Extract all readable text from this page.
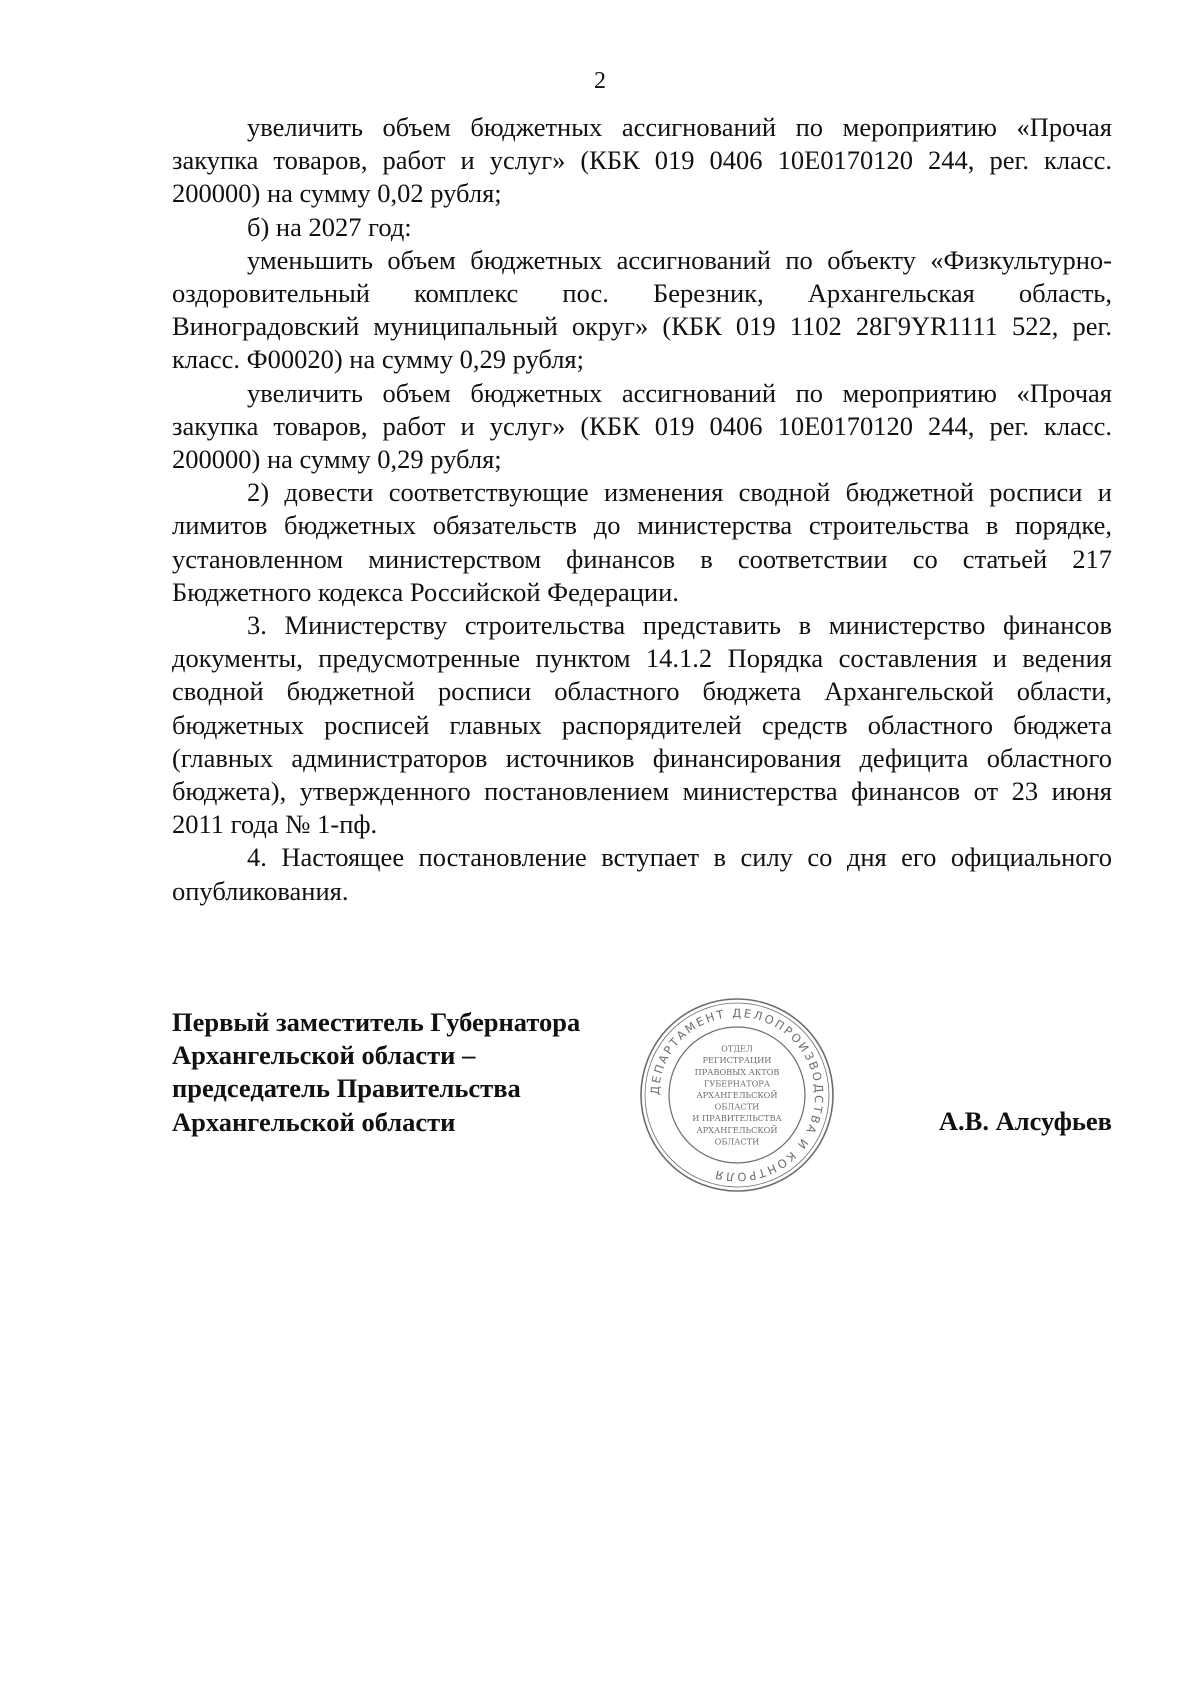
2

увеличить объем бюджетных ассигнований по мероприятию «Прочая закупка товаров, работ и услуг» (КБК 019 0406 10Е0170120 244, рег. класс. 200000) на сумму 0,02 рубля;

б) на 2027 год:

уменьшить объем бюджетных ассигнований по объекту «Физкультурно-оздоровительный комплекс пос. Березник, Архангельская область, Виноградовский муниципальный округ» (КБК 019 1102 28Г9YR1111 522, рег. класс. Ф00020) на сумму 0,29 рубля;

увеличить объем бюджетных ассигнований по мероприятию «Прочая закупка товаров, работ и услуг» (КБК 019 0406 10Е0170120 244, рег. класс. 200000) на сумму 0,29 рубля;

2) довести соответствующие изменения сводной бюджетной росписи и лимитов бюджетных обязательств до министерства строительства в порядке, установленном министерством финансов в соответствии со статьей 217 Бюджетного кодекса Российской Федерации.

3. Министерству строительства представить в министерство финансов документы, предусмотренные пунктом 14.1.2 Порядка составления и ведения сводной бюджетной росписи областного бюджета Архангельской области, бюджетных росписей главных распорядителей средств областного бюджета (главных администраторов источников финансирования дефицита областного бюджета), утвержденного постановлением министерства финансов от 23 июня 2011 года № 1-пф.

4. Настоящее постановление вступает в силу со дня его официального опубликования.

Первый заместитель Губернатора
Архангельской области –
председатель Правительства
Архангельской области	А.В. Алсуфьев
ДЕПАРТАМЕНТ ДЕЛОПРОИЗВОДСТВА И КОНТРОЛЯ
ОТДЕЛ
РЕГИСТРАЦИИ
ПРАВОВЫХ АКТОВ
ГУБЕРНАТОРА
АРХАНГЕЛЬСКОЙ
ОБЛАСТИ
И ПРАВИТЕЛЬСТВА
АРХАНГЕЛЬСКОЙ
ОБЛАСТИ
